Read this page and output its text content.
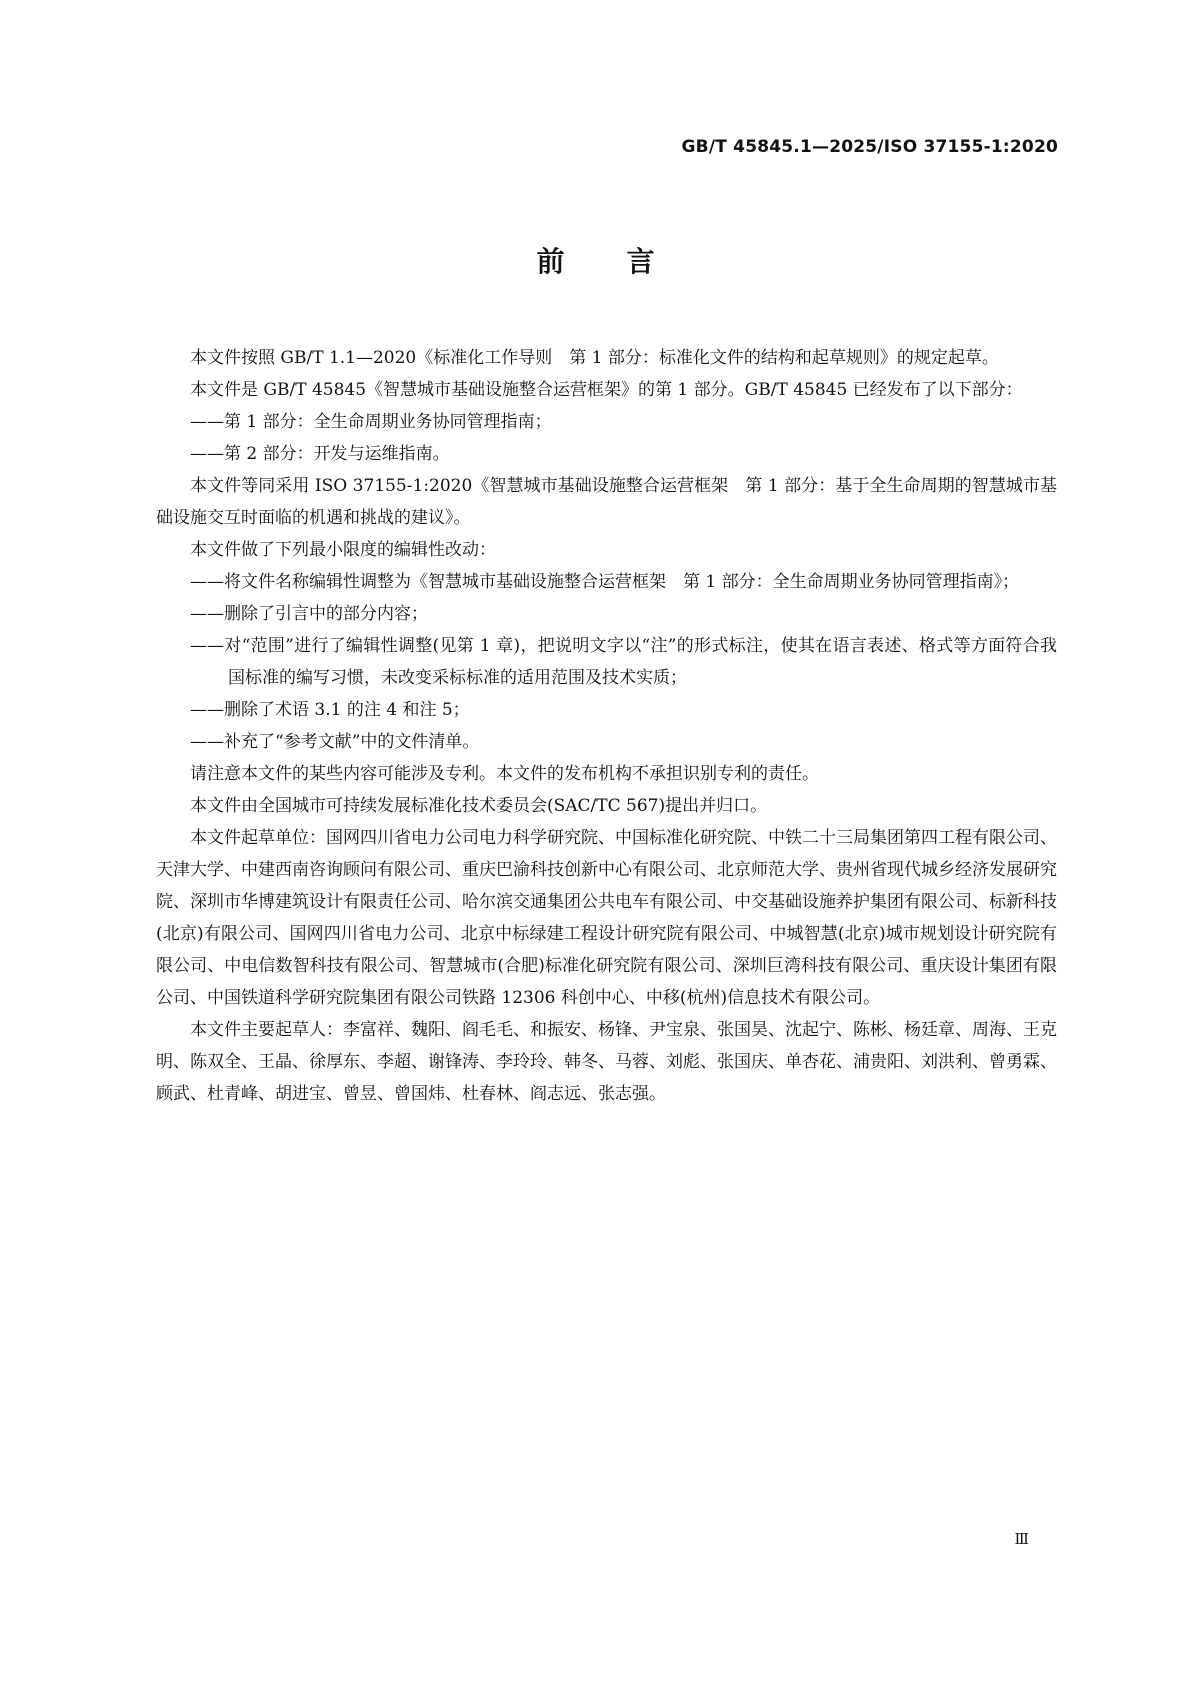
GB/T 45845.1—2025/ISO 37155-1:2020
前言

本文件按照 GB/T 1.1—2020《标准化工作导则　第 1 部分：标准化文件的结构和起草规则》的规定起草。

本文件是 GB/T 45845《智慧城市基础设施整合运营框架》的第 1 部分。GB/T 45845 已经发布了以下部分：

——第 1 部分：全生命周期业务协同管理指南；

——第 2 部分：开发与运维指南。

本文件等同采用 ISO 37155-1:2020《智慧城市基础设施整合运营框架　第 1 部分：基于全生命周期的智慧城市基础设施交互时面临的机遇和挑战的建议》。

本文件做了下列最小限度的编辑性改动：

——将文件名称编辑性调整为《智慧城市基础设施整合运营框架　第 1 部分：全生命周期业务协同管理指南》；

——删除了引言中的部分内容；

——对“范围”进行了编辑性调整(见第 1 章)，把说明文字以“注”的形式标注，使其在语言表述、格式等方面符合我国标准的编写习惯，未改变采标标准的适用范围及技术实质；

——删除了术语 3.1 的注 4 和注 5；

——补充了“参考文献”中的文件清单。

请注意本文件的某些内容可能涉及专利。本文件的发布机构不承担识别专利的责任。

本文件由全国城市可持续发展标准化技术委员会(SAC/TC 567)提出并归口。

本文件起草单位：国网四川省电力公司电力科学研究院、中国标准化研究院、中铁二十三局集团第四工程有限公司、天津大学、中建西南咨询顾问有限公司、重庆巴渝科技创新中心有限公司、北京师范大学、贵州省现代城乡经济发展研究院、深圳市华博建筑设计有限责任公司、哈尔滨交通集团公共电车有限公司、中交基础设施养护集团有限公司、标新科技(北京)有限公司、国网四川省电力公司、北京中标绿建工程设计研究院有限公司、中城智慧(北京)城市规划设计研究院有限公司、中电信数智科技有限公司、智慧城市(合肥)标准化研究院有限公司、深圳巨湾科技有限公司、重庆设计集团有限公司、中国铁道科学研究院集团有限公司铁路 12306 科创中心、中移(杭州)信息技术有限公司。

本文件主要起草人：李富祥、魏阳、阎毛毛、和振安、杨锋、尹宝泉、张国昊、沈起宁、陈彬、杨廷章、周海、王克明、陈双全、王晶、徐厚东、李超、谢锋涛、李玲玲、韩冬、马蓉、刘彪、张国庆、单杏花、浦贵阳、刘洪利、曾勇霖、顾武、杜青峰、胡进宝、曾昱、曾国炜、杜春林、阎志远、张志强。

Ⅲ
